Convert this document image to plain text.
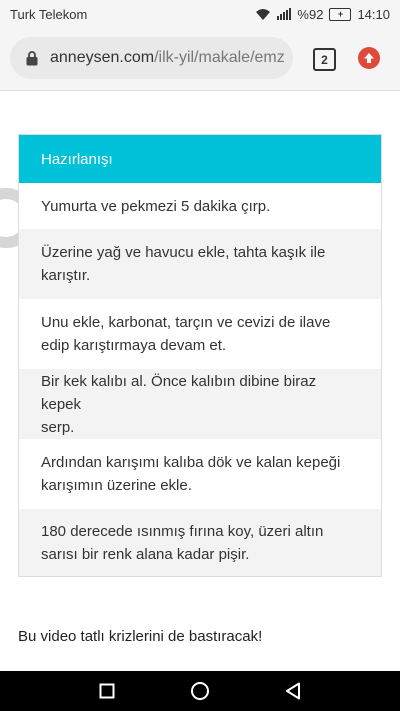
Turk Telekom	%92	+	14:10
anneysen.com/ilk-yil/makale/emz	2
Hazırlanışı
Yumurta ve pekmezi 5 dakika çırp.
Üzerine yağ ve havucu ekle, tahta kaşık ile
karıştır.
Unu ekle, karbonat, tarçın ve cevizi de ilave
edip karıştırmaya devam et.
Bir kek kalıbı al. Önce kalıbın dibine biraz kepek
serp.
Ardından karışımı kalıba dök ve kalan kepeği
karışımın üzerine ekle.
180 derecede ısınmış fırına koy, üzeri altın
sarısı bir renk alana kadar pişir.
Bu video tatlı krizlerini de bastıracak!
